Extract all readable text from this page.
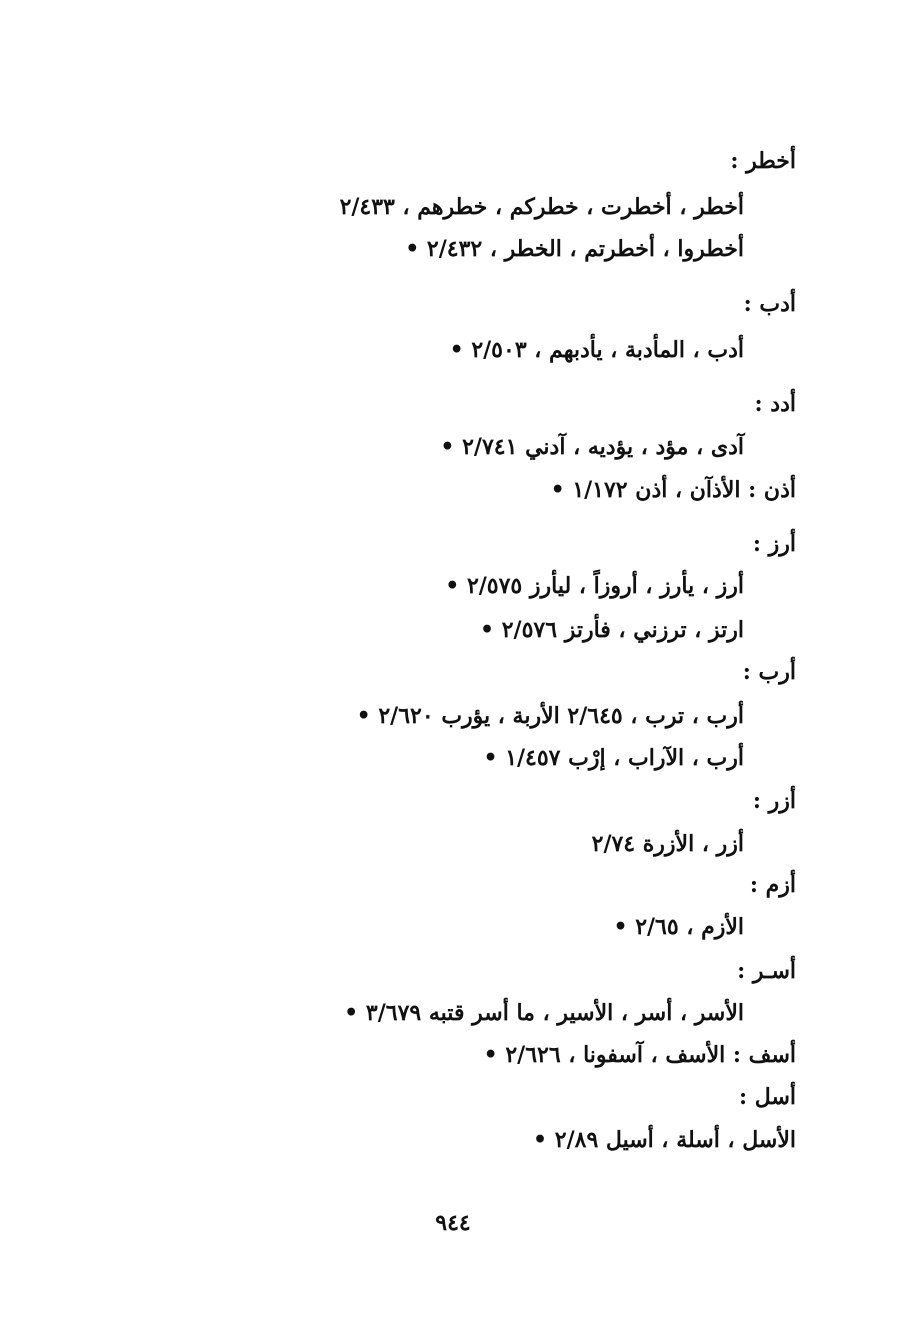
أخطر :
أخطر ، أخطرت ، خطركم ، خطرهم ، ٢/٤٣٣
أخطروا ، أخطرتم ، الخطر ، ٢/٤٣٢ •
أدب :
أدب ، المأدبة ، يأدبهم ، ٢/٥٠٣ •
أدد :
آدى ، مؤد ، يؤديه ، آدني ٢/٧٤١ •
أذن : الأذآن ، أذن ١/١٧٢ •
أرز :
أرز ، يأرز ، أروزاً ، ليأرز ٢/٥٧٥ •
ارتز ، ترزني ، فأرتز ٢/٥٧٦ •
أرب :
أرب ، ترب ، ٢/٦٤٥ الأربة ، يؤرب ٢/٦٢٠ •
أرب ، الآراب ، إرْب ١/٤٥٧ •
أزر :
أزر ، الأزرة ٢/٧٤
أزم :
الأزم ، ٢/٦٥ •
أسـر :
الأسر ، أسر ، الأسير ، ما أسر قتبه ٣/٦٧٩ •
أسف : الأسف ، آسفونا ، ٢/٦٢٦ •
أسل :
الأسل ، أسلة ، أسيل ٢/٨٩ •
٩٤٤
